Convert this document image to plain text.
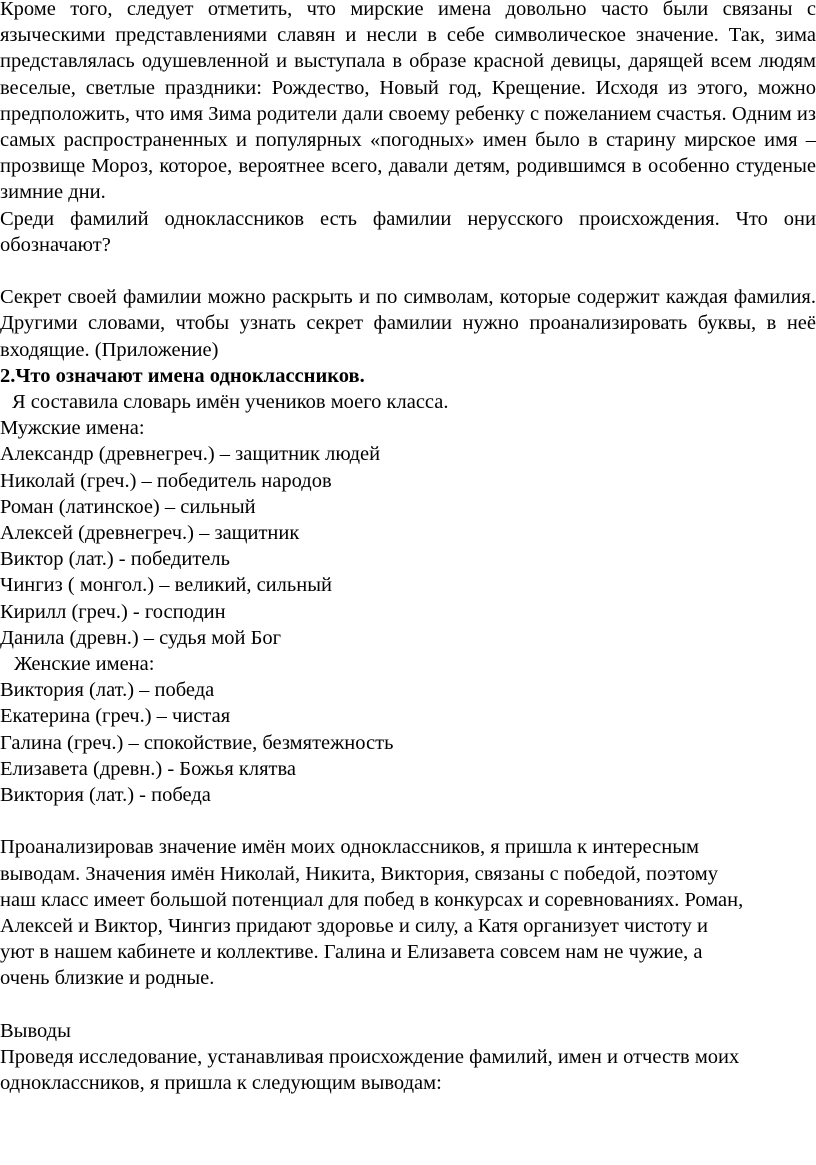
Кроме того, следует отметить, что мирские имена довольно часто были связаны с языческими представлениями славян и несли в себе символическое значение. Так, зима представлялась одушевленной и выступала в образе красной девицы, дарящей всем людям веселые, светлые праздники: Рождество, Новый год, Крещение. Исходя из этого, можно предположить, что имя Зима родители дали своему ребенку с пожеланием счастья. Одним из самых распространенных и популярных «погодных» имен было в старину мирское имя – прозвище Мороз, которое, вероятнее всего, давали детям, родившимся в особенно студеные зимние дни.

Среди фамилий одноклассников есть фамилии нерусского происхождения. Что они обозначают?

Секрет своей фамилии можно раскрыть и по символам, которые содержит каждая фамилия. Другими словами, чтобы узнать секрет фамилии нужно проанализировать буквы, в неё входящие. (Приложение)

2.Что означают имена одноклассников.

Я составила словарь имён учеников моего класса.

Мужские имена:

Александр (древнегреч.) – защитник людей
Николай (греч.) – победитель народов
Роман (латинское) – сильный
Алексей (древнегреч.) – защитник
Виктор (лат.) - победитель
Чингиз ( монгол.) – великий, сильный
Кирилл (греч.) - господин
Данила (древн.) – судья мой Бог

Женские имена:

Виктория (лат.) – победа
Екатерина (греч.) – чистая
Галина (греч.) – спокойствие, безмятежность
Елизавета (древн.) - Божья клятва
Виктория (лат.) - победа
Проанализировав значение имён моих одноклассников, я пришла к интересным
выводам. Значения имён Николай, Никита, Виктория, связаны с победой, поэтому
наш класс имеет большой потенциал для побед в конкурсах и соревнованиях. Роман,
Алексей и Виктор, Чингиз придают здоровье и силу, а Катя организует чистоту и
уют в нашем кабинете и коллективе. Галина и Елизавета совсем нам не чужие, а
очень близкие и родные.

Выводы

Проведя исследование, устанавливая происхождение фамилий, имен и отчеств моих
одноклассников, я пришла к следующим выводам:
